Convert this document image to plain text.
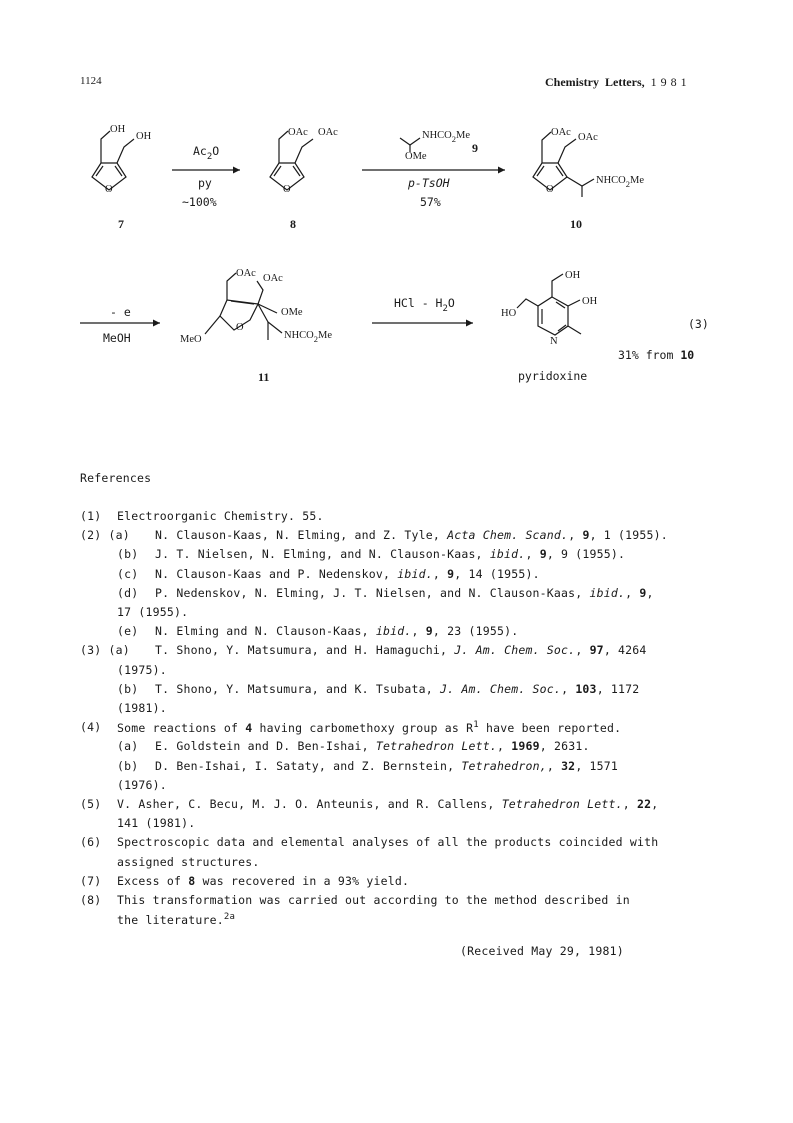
1124	Chemistry Letters, 1981
OH
OH
O
7
$Ac_2O$
py
~100%
OAc OAc
O
8
$NHCO_2Me$
OMe
9
p-TsOH
57%
OAc OAc
O
$NHCO_2Me$
10
- e
MeOH
OAc OAc
OMe
MeO
O
$NHCO_2Me$
11
HCl - $H_2O$
OH
OH
HO
N
pyridoxine
(3)
31% from 10
References
(1) Electroorganic Chemistry. 55.
(2) (a) N. Clauson-Kaas, N. Elming, and Z. Tyle, Acta Chem. Scand., 9, 1 (1955).
(b) J. T. Nielsen, N. Elming, and N. Clauson-Kaas, ibid., 9, 9 (1955).
(c) N. Clauson-Kaas and P. Nedenskov, ibid., 9, 14 (1955).
(d) P. Nedenskov, N. Elming, J. T. Nielsen, and N. Clauson-Kaas, ibid., 9,
17 (1955).
(e) N. Elming and N. Clauson-Kaas, ibid., 9, 23 (1955).
(3) (a) T. Shono, Y. Matsumura, and H. Hamaguchi, J. Am. Chem. Soc., 97, 4264
(1975).
(b) T. Shono, Y. Matsumura, and K. Tsubata, J. Am. Chem. Soc., 103, 1172
(1981).
(4) Some reactions of 4 having carbomethoxy group as $R^1$ have been reported.
(a) E. Goldstein and D. Ben-Ishai, Tetrahedron Lett., 1969, 2631.
(b) D. Ben-Ishai, I. Sataty, and Z. Bernstein, Tetrahedron,, 32, 1571
(1976).
(5) V. Asher, C. Becu, M. J. O. Anteunis, and R. Callens, Tetrahedron Lett., 22,
141 (1981).
(6) Spectroscopic data and elemental analyses of all the products coincided with
assigned structures.
(7) Excess of 8 was recovered in a 93% yield.
(8) This transformation was carried out according to the method described in
the literature.$^{2a}$
(Received May 29, 1981)
